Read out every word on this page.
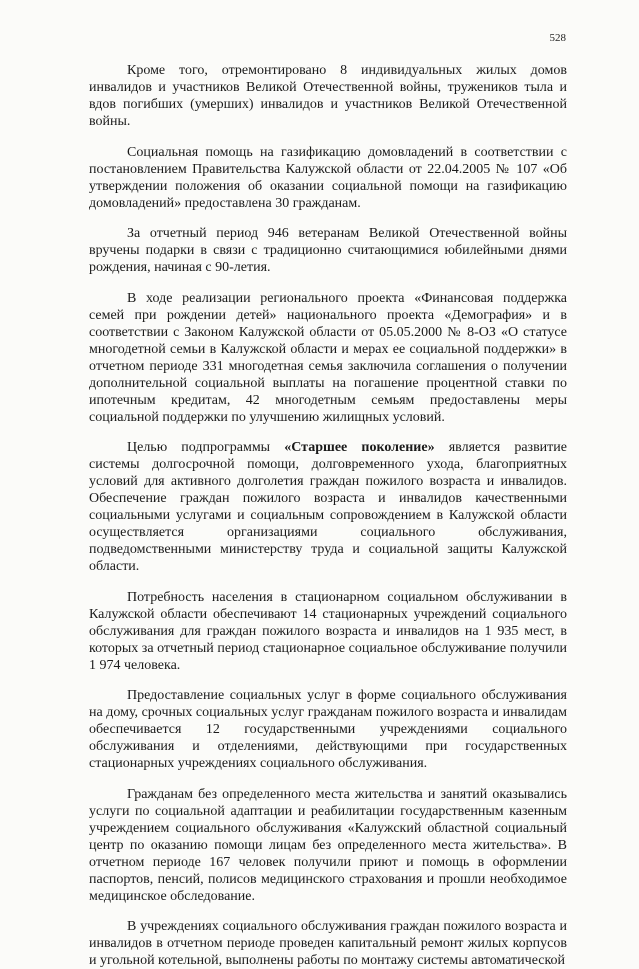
528

Кроме того, отремонтировано 8 индивидуальных жилых домов инвалидов и участников Великой Отечественной войны, тружеников тыла и вдов погибших (умерших) инвалидов и участников Великой Отечественной войны.

Социальная помощь на газификацию домовладений в соответствии с постановлением Правительства Калужской области от 22.04.2005 № 107 «Об утверждении положения об оказании социальной помощи на газификацию домовладений» предоставлена 30 гражданам.

За отчетный период 946 ветеранам Великой Отечественной войны вручены подарки в связи с традиционно считающимися юбилейными днями рождения, начиная с 90-летия.

В ходе реализации регионального проекта «Финансовая поддержка семей при рождении детей» национального проекта «Демография» и в соответствии с Законом Калужской области от 05.05.2000 № 8-ОЗ «О статусе многодетной семьи в Калужской области и мерах ее социальной поддержки» в отчетном периоде 331 многодетная семья заключила соглашения о получении дополнительной социальной выплаты на погашение процентной ставки по ипотечным кредитам, 42 многодетным семьям предоставлены меры социальной поддержки по улучшению жилищных условий.

Целью подпрограммы «Старшее поколение» является развитие системы долгосрочной помощи, долговременного ухода, благоприятных условий для активного долголетия граждан пожилого возраста и инвалидов. Обеспечение граждан пожилого возраста и инвалидов качественными социальными услугами и социальным сопровождением в Калужской области осуществляется организациями социального обслуживания, подведомственными министерству труда и социальной защиты Калужской области.

Потребность населения в стационарном социальном обслуживании в Калужской области обеспечивают 14 стационарных учреждений социального обслуживания для граждан пожилого возраста и инвалидов на 1 935 мест, в которых за отчетный период стационарное социальное обслуживание получили 1 974 человека.

Предоставление социальных услуг в форме социального обслуживания на дому, срочных социальных услуг гражданам пожилого возраста и инвалидам обеспечивается 12 государственными учреждениями социального обслуживания и отделениями, действующими при государственных стационарных учреждениях социального обслуживания.

Гражданам без определенного места жительства и занятий оказывались услуги по социальной адаптации и реабилитации государственным казенным учреждением социального обслуживания «Калужский областной социальный центр по оказанию помощи лицам без определенного места жительства». В отчетном периоде 167 человек получили приют и помощь в оформлении паспортов, пенсий, полисов медицинского страхования и прошли необходимое медицинское обследование.

В учреждениях социального обслуживания граждан пожилого возраста и инвалидов в отчетном периоде проведен капитальный ремонт жилых корпусов и угольной котельной, выполнены работы по монтажу системы автоматической
